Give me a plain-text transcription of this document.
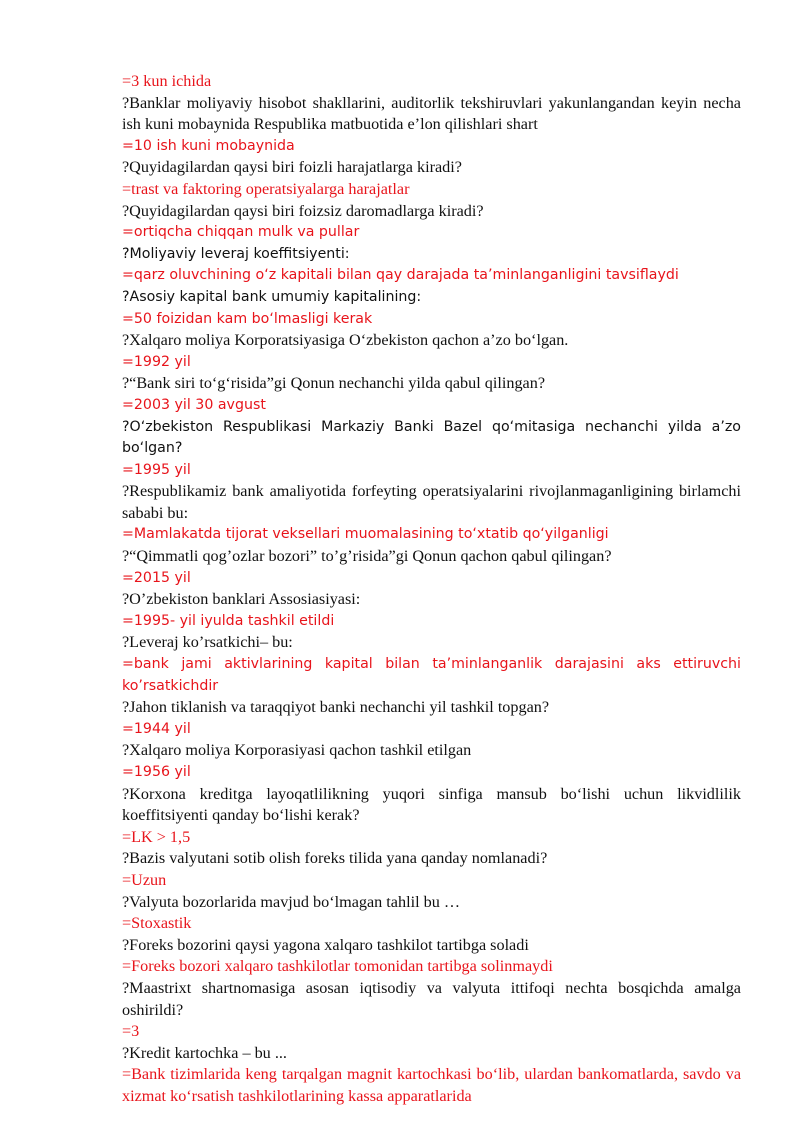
=3 kun ichida

?Banklar moliyaviy hisobot shakllarini, auditorlik tekshiruvlari yakunlangandan keyin necha ish kuni mobaynida Respublika matbuotida e’lon qilishlari shart

=10 ish kuni mobaynida

?Quyidagilardan qaysi biri foizli harajatlarga kiradi?

=trast va faktoring operatsiyalarga harajatlar

?Quyidagilardan qaysi biri foizsiz daromadlarga kiradi?

=ortiqcha chiqqan mulk va pullar

?Moliyaviy leveraj koeffitsiyenti:

=qarz oluvchining o‘z kapitali bilan qay darajada ta’minlanganligini tavsiflaydi

?Asosiy kapital bank umumiy kapitalining:

=50 foizidan kam bo‘lmasligi kerak

?Xalqaro moliya Korporatsiyasiga O‘zbekiston qachon a’zo bo‘lgan.

=1992 yil

?“Bank siri to‘g‘risida”gi Qonun nechanchi yilda qabul qilingan?

=2003 yil 30 avgust

?O‘zbekiston Respublikasi Markaziy Banki Bazel qo‘mitasiga nechanchi yilda a’zo bo‘lgan?

=1995 yil

?Respublikamiz bank amaliyotida forfeyting operatsiyalarini rivojlanmaganligining birlamchi sababi bu:

=Mamlakatda tijorat veksellari muomalasining to‘xtatib qo‘yilganligi

?“Qimmatli qog’ozlar bozori” to’g’risida”gi Qonun qachon qabul qilingan?

=2015 yil

?O’zbekiston banklari Assosiasiyasi:

=1995- yil iyulda tashkil etildi

?Leveraj ko’rsatkichi– bu:

=bank jami aktivlarining kapital bilan ta’minlanganlik darajasini aks ettiruvchi ko’rsatkichdir

?Jahon tiklanish va taraqqiyot banki nechanchi yil tashkil topgan?

=1944 yil

?Xalqaro moliya Korporasiyasi qachon tashkil etilgan

=1956 yil

?Korxona kreditga layoqatlilikning yuqori sinfiga mansub bo‘lishi uchun likvidlilik koeffitsiyenti qanday bo‘lishi kerak?

=LK > 1,5

?Bazis valyutani sotib olish foreks tilida yana qanday nomlanadi?

=Uzun

?Valyuta bozorlarida mavjud bo‘lmagan tahlil bu …

=Stoxastik

?Foreks bozorini qaysi yagona xalqaro tashkilot tartibga soladi

=Foreks bozori xalqaro tashkilotlar tomonidan tartibga solinmaydi

?Maastrixt shartnomasiga asosan iqtisodiy va valyuta ittifoqi nechta bosqichda amalga oshirildi?

=3

?Kredit kartochka – bu ...

=Bank tizimlarida keng tarqalgan magnit kartochkasi bo‘lib, ulardan bankomatlarda, savdo va xizmat ko‘rsatish tashkilotlarining kassa apparatlarida
